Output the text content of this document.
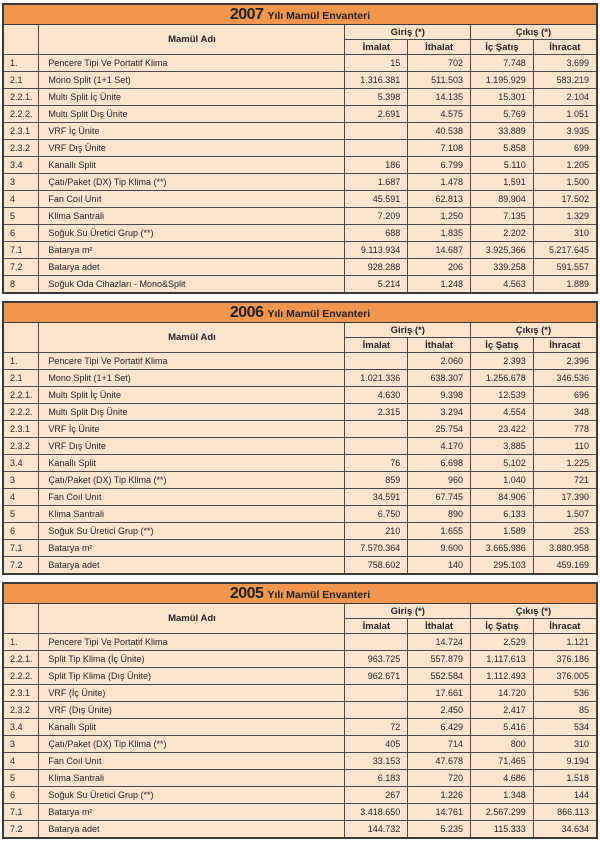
2007 Yılı Mamül Envanteri
	Mamül Adı	Giriş (*)		Çıkış (*)	
		İmalat	İthalat	İç Şatış	İhracat
1.	Pencere Tipi Ve Portatif Klima	15	702	7.748	3.699
2.1	Mono Split (1+1 Set)	1.316.381	511.503	1.195.929	583.219
2.2.1.	Multı Split İç Ünite	5.398	14.135	15.301	2.104
2.2.2.	Multı Split Dış Ünite	2.691	4.575	5.769	1.051
2.3.1	VRF İç Ünite		40.538	33.889	3.935
2.3.2	VRF Dış Ünite		7.108	5.858	699
3.4	Kanallı Split	186	6.799	5.110	1.205
3	Çatı/Paket (DX) Tip Klima (**)	1.687	1.478	1.591	1.500
4	Fan Coıl Unıt	45.591	62.813	89.904	17.502
5	Klima Santrali	7.209	1.250	7.135	1.329
6	Soğuk Su Üretici Grup (**)	688	1.835	2.202	310
7.1	Batarya m²	9.113.934	14.687	3.925.366	5.217.645
7.2	Batarya adet	928.288	206	339.258	591.557
8	Soğuk Oda Cihazları - Mono&Split	5.214	1.248	4.563	1.889
2006 Yılı Mamül Envanteri
	Mamül Adı	Giriş (*)		Çıkış (*)	
		İmalat	İthalat	İç Şatış	İhracat
1.	Pencere Tipi Ve Portatif Klima		2.060	2.393	2.396
2.1	Mono Split (1+1 Set)	1.021.336	638.307	1.256.678	346.536
2.2.1.	Multı Split İç Ünite	4.630	9.398	12.539	696
2.2.2.	Multı Split Dış Ünite	2.315	3.294	4.554	348
2.3.1	VRF İç Ünite		25.754	23.422	778
2.3.2	VRF Dış Ünite		4.170	3.885	110
3.4	Kanallı Split	76	6.698	5.102	1.225
3	Çatı/Paket (DX) Tip Klima (**)	859	960	1.040	721
4	Fan Coıl Unıt	34.591	67.745	84.906	17.390
5	Klima Santrali	6.750	890	6.133	1.507
6	Soğuk Su Üretici Grup (**)	210	1.655	1.589	253
7.1	Batarya m²	7.570.364	9.600	3.665.986	3.880.958
7.2	Batarya adet	758.602	140	295.103	459.169
2005 Yılı Mamül Envanteri
	Mamül Adı	Giriş (*)		Çıkış (*)	
		İmalat	İthalat	İç Şatış	İhracat
1.	Pencere Tipi Ve Portatif Klima		14.724	2.529	1.121
2.2.1.	Split Tip Klima (İç Ünite)	963.725	557.879	1.117.613	376.186
2.2.2.	Split Tip Klima (Dış Ünite)	962.671	552.584	1.112.493	376.005
2.3.1	VRF (İç Ünite)		17.661	14.720	536
2.3.2	VRF (Dış Ünite)		2.450	2.417	85
3.4	Kanallı Split	72	6.429	5.416	534
3	Çatı/Paket (DX) Tip Klima (**)	405	714	800	310
4	Fan Coıl Unıt	33.153	47.678	71.465	9.194
5	Klima Santrali	6.183	720	4.686	1.518
6	Soğuk Su Üretici Grup (**)	267	1.226	1.348	144
7.1	Batarya m²	3.418.650	14.761	2.567.299	866.113
7.2	Batarya adet	144.732	5.235	115.333	34.634
